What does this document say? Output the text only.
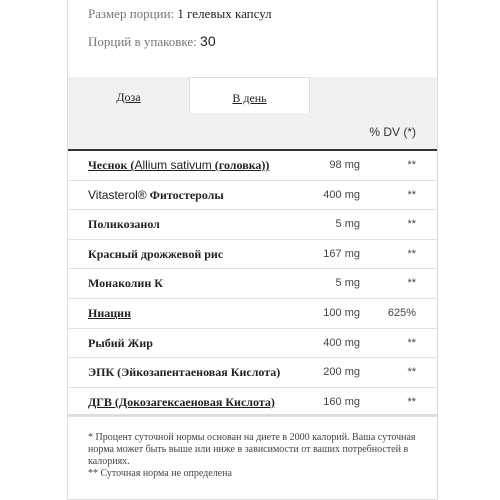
Размер порции: 1 гелевых капсул
Порций в упаковке: 30
Доза	В день
% DV (*)
Чеснок (Allium sativum (головка))	98 mg	**
Vitasterol® Фитостеролы	400 mg	**
Поликозанол	5 mg	**
Красный дрожжевой рис	167 mg	**
Монаколин К	5 mg	**
Ниацин	100 mg	625%
Рыбий Жир	400 mg	**
ЭПК (Эйкозапентаеновая Кислота)	200 mg	**
ДГВ (Докозагексаеновая Кислота)	160 mg	**
* Процент суточной нормы основан на диете в 2000 калорий. Ваша суточная норма может быть выше или ниже в зависимости от ваших потребностей в калориях.
** Суточная норма не определена
